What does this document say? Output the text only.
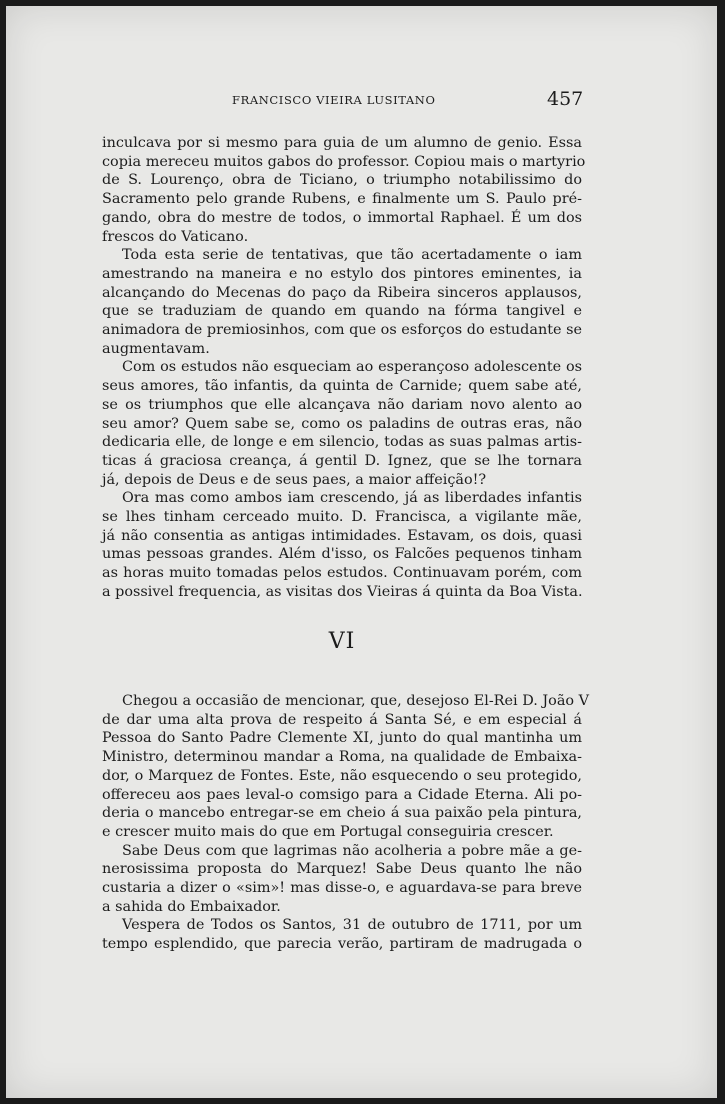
FRANCISCO VIEIRA LUSITANO	457
inculcava por si mesmo para guia de um alumno de genio. Essa
copia mereceu muitos gabos do professor. Copiou mais o martyrio
de S. Lourenço, obra de Ticiano, o triumpho notabilissimo do
Sacramento pelo grande Rubens, e finalmente um S. Paulo pré-
gando, obra do mestre de todos, o immortal Raphael. É um dos
frescos do Vaticano.
Toda esta serie de tentativas, que tão acertadamente o iam
amestrando na maneira e no estylo dos pintores eminentes, ia
alcançando do Mecenas do paço da Ribeira sinceros applausos,
que se traduziam de quando em quando na fórma tangivel e
animadora de premiosinhos, com que os esforços do estudante se
augmentavam.
Com os estudos não esqueciam ao esperançoso adolescente os
seus amores, tão infantis, da quinta de Carnide; quem sabe até,
se os triumphos que elle alcançava não dariam novo alento ao
seu amor? Quem sabe se, como os paladins de outras eras, não
dedicaria elle, de longe e em silencio, todas as suas palmas artis-
ticas á graciosa creança, á gentil D. Ignez, que se lhe tornara
já, depois de Deus e de seus paes, a maior affeição!?
Ora mas como ambos iam crescendo, já as liberdades infantis
se lhes tinham cerceado muito. D. Francisca, a vigilante mãe,
já não consentia as antigas intimidades. Estavam, os dois, quasi
umas pessoas grandes. Além d'isso, os Falcões pequenos tinham
as horas muito tomadas pelos estudos. Continuavam porém, com
a possivel frequencia, as visitas dos Vieiras á quinta da Boa Vista.
VI
Chegou a occasião de mencionar, que, desejoso El-Rei D. João V
de dar uma alta prova de respeito á Santa Sé, e em especial á
Pessoa do Santo Padre Clemente XI, junto do qual mantinha um
Ministro, determinou mandar a Roma, na qualidade de Embaixa-
dor, o Marquez de Fontes. Este, não esquecendo o seu protegido,
offereceu aos paes leval-o comsigo para a Cidade Eterna. Ali po-
deria o mancebo entregar-se em cheio á sua paixão pela pintura,
e crescer muito mais do que em Portugal conseguiria crescer.
Sabe Deus com que lagrimas não acolheria a pobre mãe a ge-
nerosissima proposta do Marquez! Sabe Deus quanto lhe não
custaria a dizer o «sim»! mas disse-o, e aguardava-se para breve
a sahida do Embaixador.
Vespera de Todos os Santos, 31 de outubro de 1711, por um
tempo esplendido, que parecia verão, partiram de madrugada o
